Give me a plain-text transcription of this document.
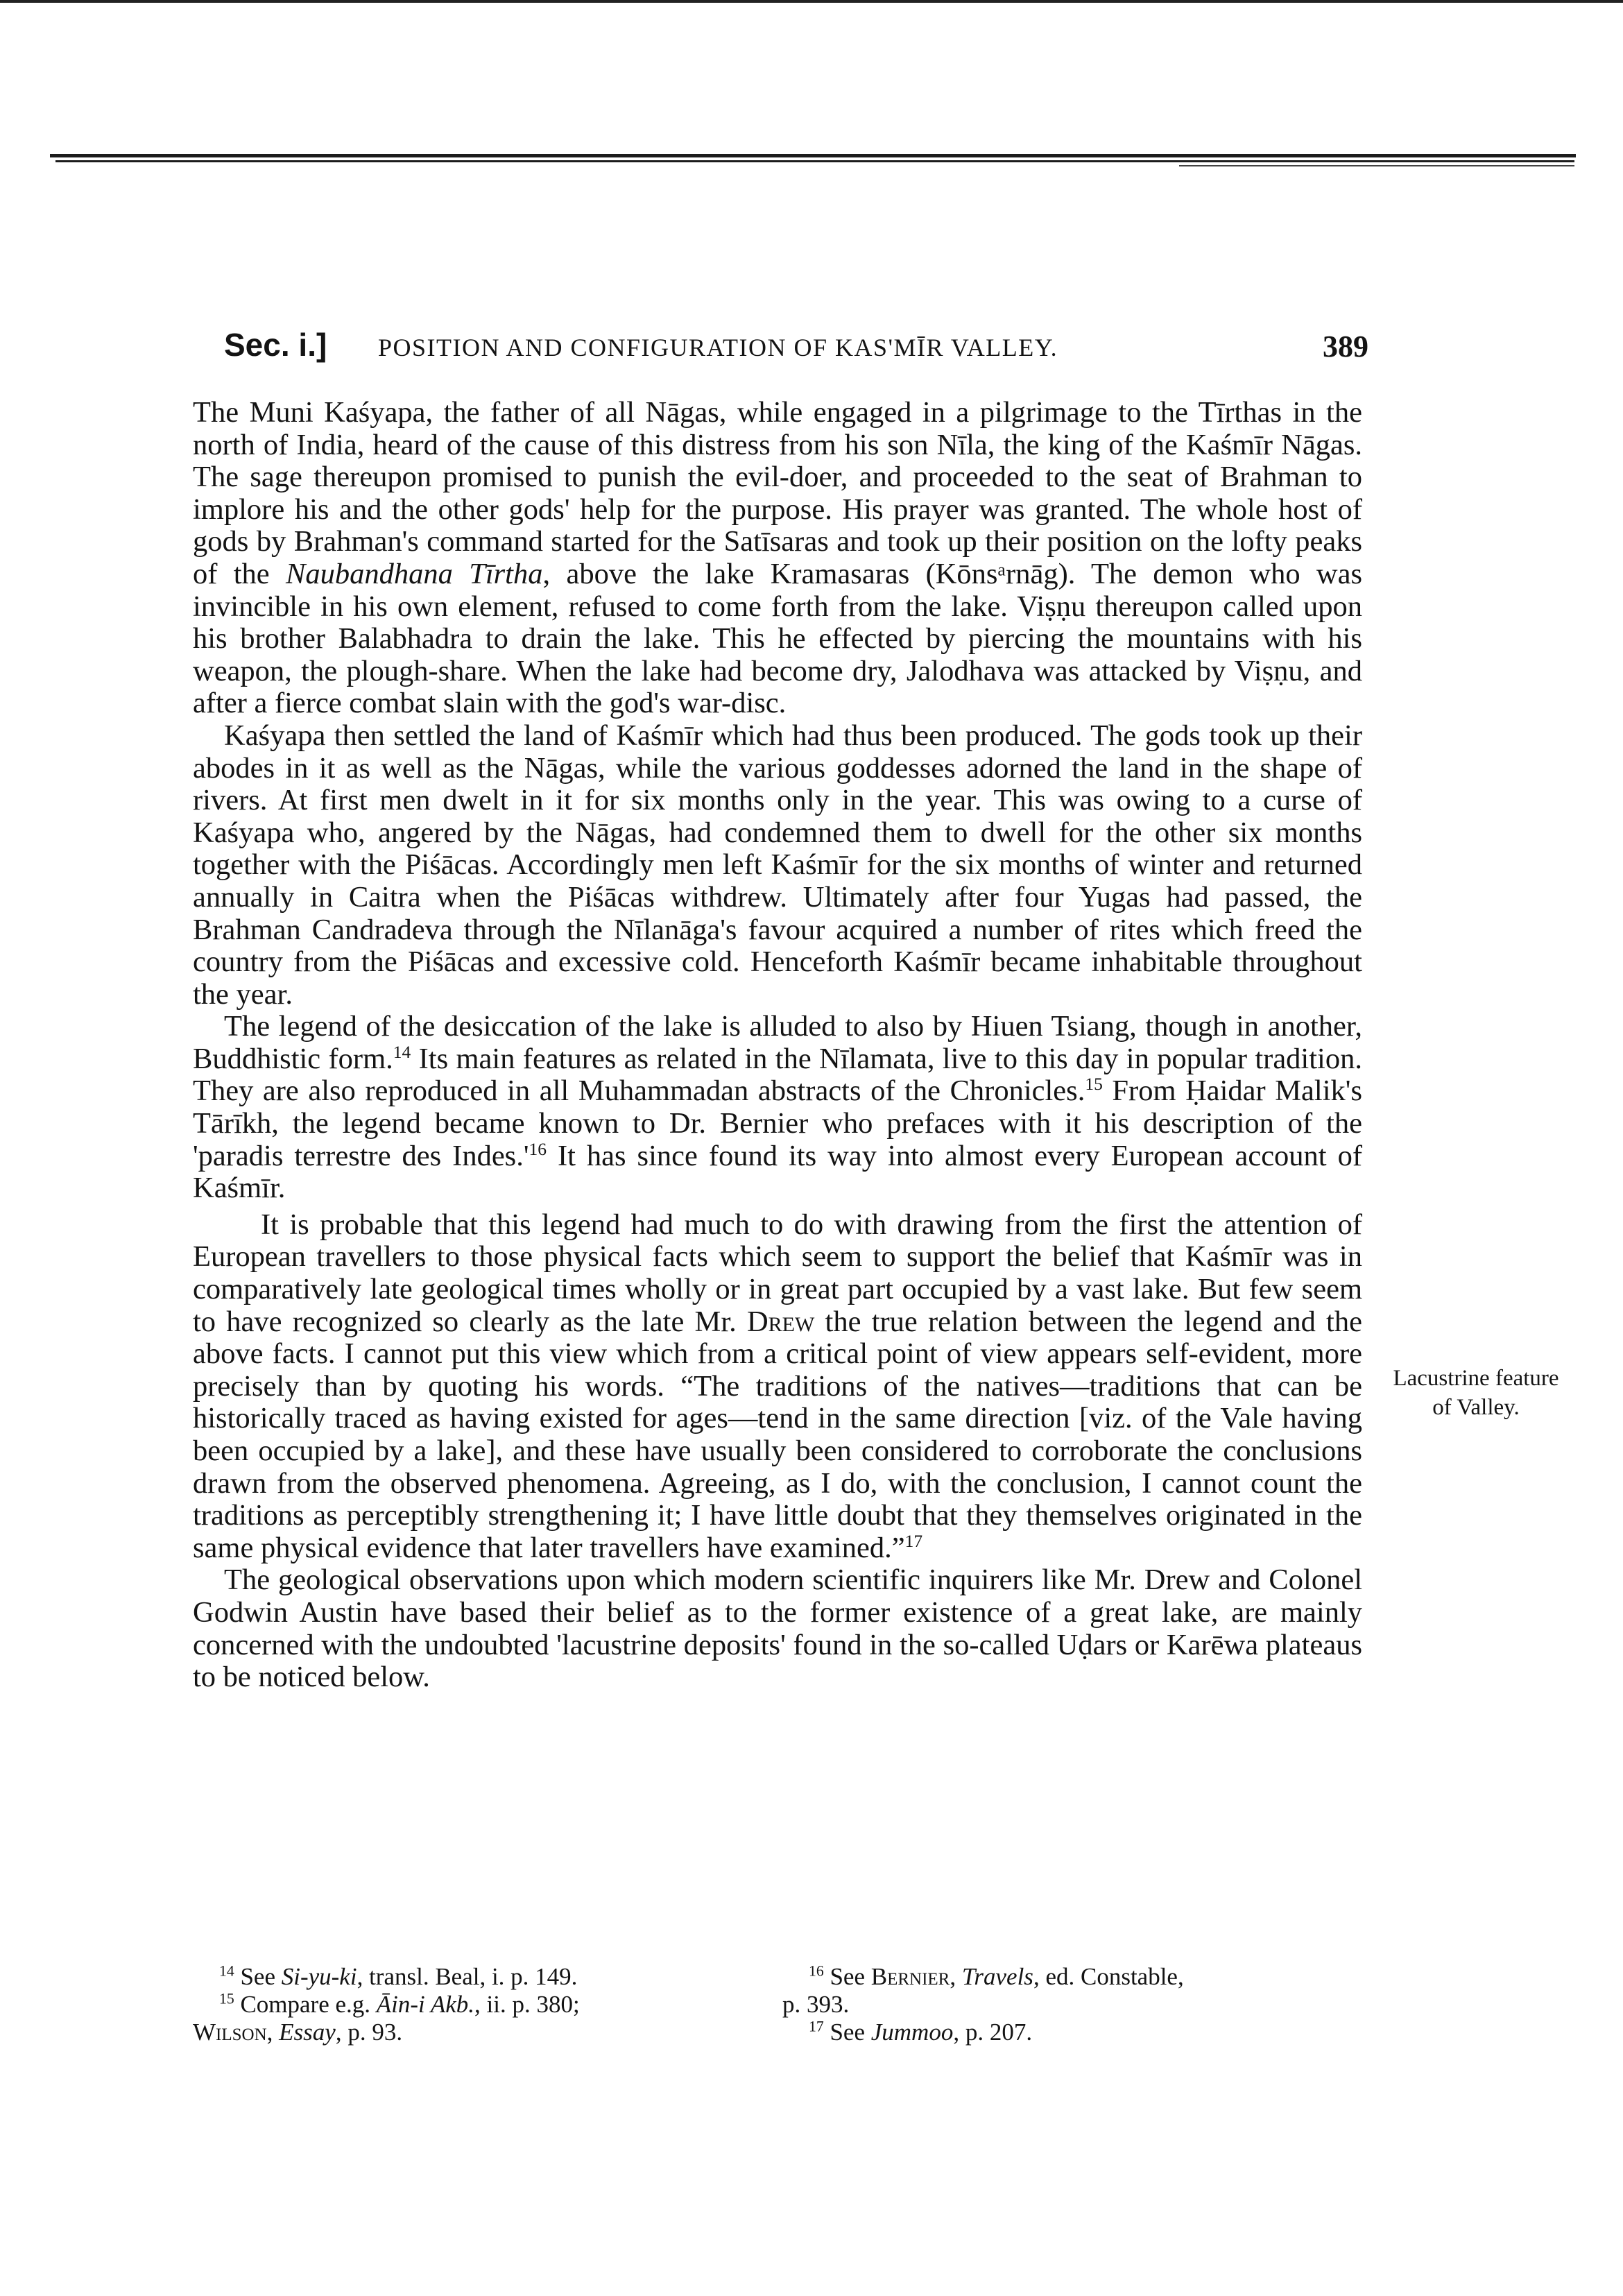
Sec. i.] POSITION AND CONFIGURATION OF KAS'MĪR VALLEY.	389

The Muni Kaśyapa, the father of all Nāgas, while engaged in a pilgrimage to the Tīrthas in the north of India, heard of the cause of this distress from his son Nīla, the king of the Kaśmīr Nāgas. The sage thereupon promised to punish the evil-doer, and proceeded to the seat of Brahman to implore his and the other gods' help for the purpose. His prayer was granted. The whole host of gods by Brahman's command started for the Satīsaras and took up their position on the lofty peaks of the Naubandhana Tīrtha, above the lake Kramasaras (Kōnsᵃrnāg). The demon who was invincible in his own element, refused to come forth from the lake. Viṣṇu thereupon called upon his brother Balabhadra to drain the lake. This he effected by piercing the mountains with his weapon, the plough-share. When the lake had become dry, Jalodhava was attacked by Viṣṇu, and after a fierce combat slain with the god's war-disc.

Kaśyapa then settled the land of Kaśmīr which had thus been produced. The gods took up their abodes in it as well as the Nāgas, while the various goddesses adorned the land in the shape of rivers. At first men dwelt in it for six months only in the year. This was owing to a curse of Kaśyapa who, angered by the Nāgas, had condemned them to dwell for the other six months together with the Piśācas. Accordingly men left Kaśmīr for the six months of winter and returned annually in Caitra when the Piśācas withdrew. Ultimately after four Yugas had passed, the Brahman Candradeva through the Nīlanāga's favour acquired a number of rites which freed the country from the Piśācas and excessive cold. Henceforth Kaśmīr became inhabitable throughout the year.

The legend of the desiccation of the lake is alluded to also by Hiuen Tsiang, though in another, Buddhistic form.$^{14}$ Its main features as related in the Nīlamata, live to this day in popular tradition. They are also reproduced in all Muhammadan abstracts of the Chronicles.$^{15}$ From Ḥaidar Malik's Tārīkh, the legend became known to Dr. Bernier who prefaces with it his description of the 'paradis terrestre des $Indes.'^{16}$ It has since found its way into almost every European account of Kaśmīr.

It is probable that this legend had much to do with drawing from the first the attention of European travellers to those physical facts which seem to support the belief that Kaśmīr was in comparatively late geological times wholly or in great part occupied by a vast lake. But few seem to have recognized so clearly as the late Mr. Drew the true relation between the legend and the above facts. I cannot put this view which from a critical point of view appears self-evident, more precisely than by quoting his words. “The traditions of the natives—traditions that can be historically traced as having existed for ages—tend in the same direction [viz. of the Vale having been occupied by a lake], and these have usually been considered to corroborate the conclusions drawn from the observed phenomena. Agreeing, as I do, with the conclusion, I cannot count the traditions as perceptibly strengthening it; I have little doubt that they themselves originated in the same physical evidence that later travellers have examined.”$^{17}$

The geological observations upon which modern scientific inquirers like Mr. Drew and Colonel Godwin Austin have based their belief as to the former existence of a great lake, are mainly concerned with the undoubted 'lacustrine deposits' found in the so-called Uḍars or Karēwa plateaus to be noticed below.

Lacustrine feature
of Valley.

$^{14}$ See Si-yu-ki, transl. Beal, i. p. 149.

$^{15}$ Compare e.g. Āin-i Akb., ii. p. 380;

Wilson, Essay, p. 93.

$^{16}$ See Bernier, Travels, ed. Constable,

p. 393.

$^{17}$ See Jummoo, p. 207.
